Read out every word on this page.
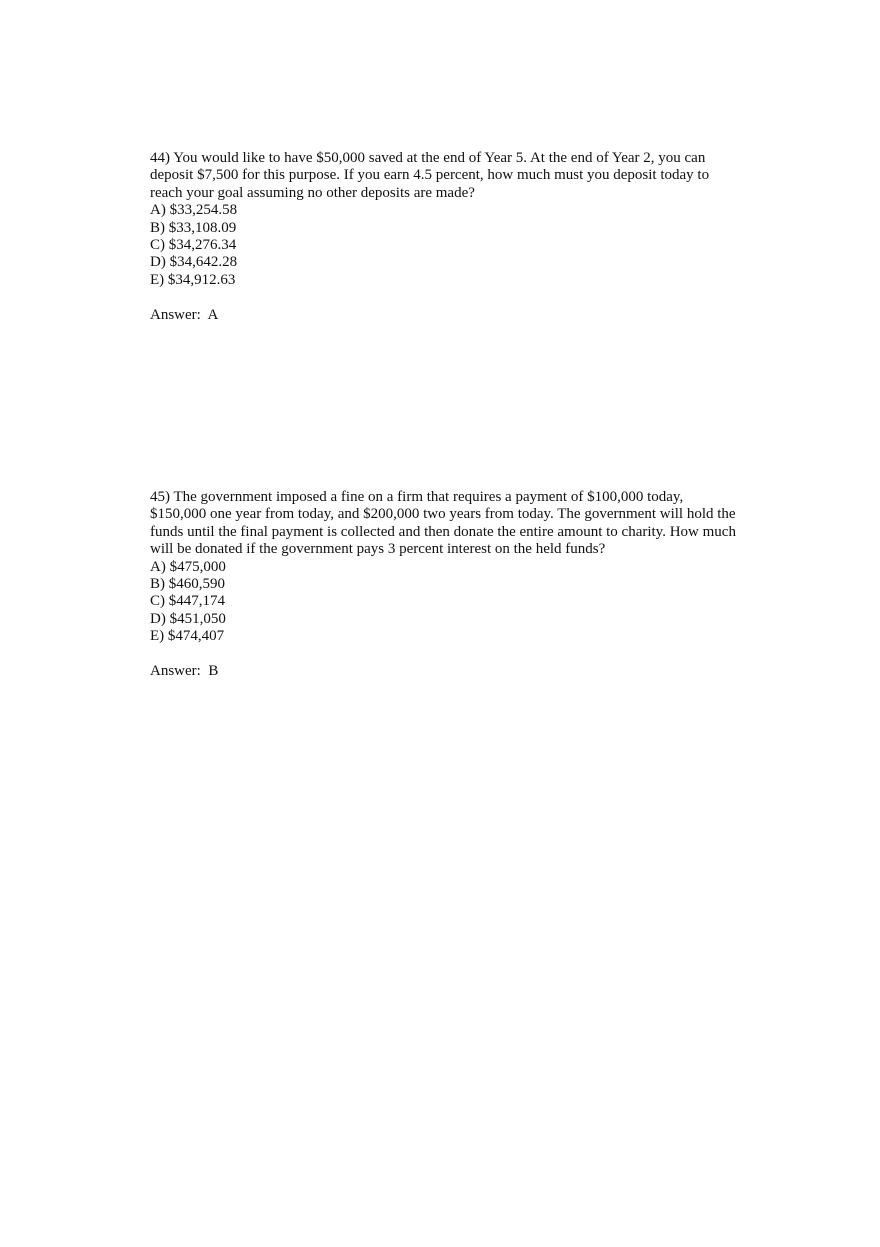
44) You would like to have $50,000 saved at the end of Year 5. At the end of Year 2, you can deposit $7,500 for this purpose. If you earn 4.5 percent, how much must you deposit today to reach your goal assuming no other deposits are made?

A) $33,254.58
B) $33,108.09
C) $34,276.34
D) $34,642.28
E) $34,912.63

Answer:  A

45) The government imposed a fine on a firm that requires a payment of $100,000 today, $150,000 one year from today, and $200,000 two years from today. The government will hold the funds until the final payment is collected and then donate the entire amount to charity. How much will be donated if the government pays 3 percent interest on the held funds?

A) $475,000
B) $460,590
C) $447,174
D) $451,050
E) $474,407

Answer:  B
